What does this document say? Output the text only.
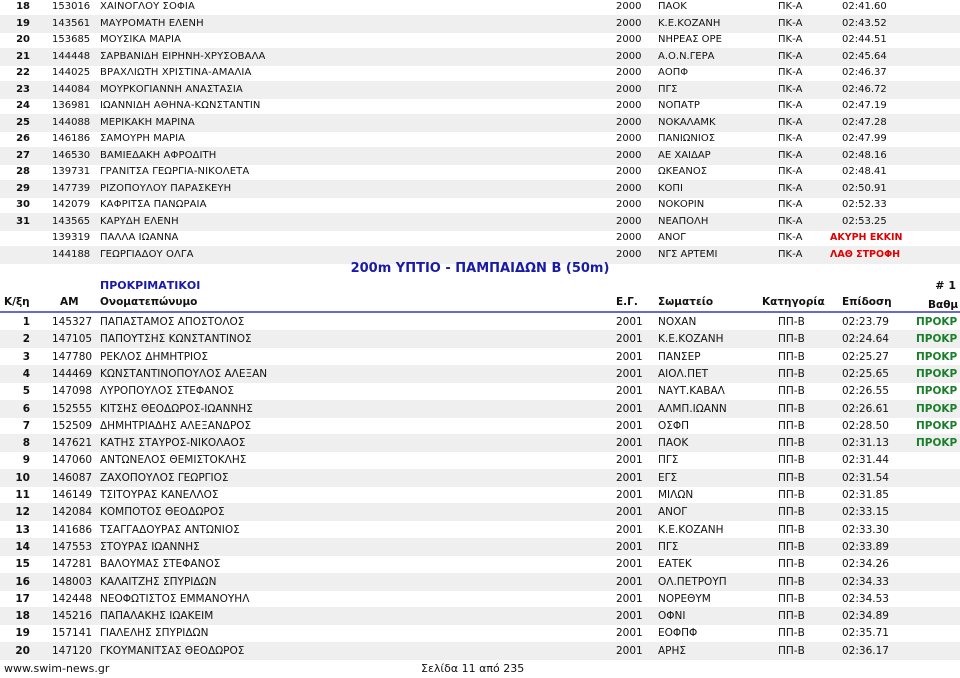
18 153016 ΧΑΙΝΟΓΛΟΥ ΣΟΦΙΑ	2000 ΠΑΟΚ	ΠΚ-Α	02:41.60
19 143561 ΜΑΥΡΟΜΑΤΗ ΕΛΕΝΗ	2000 Κ.Ε.ΚΟΖΑΝΗ	ΠΚ-Α	02:43.52
20 153685 ΜΟΥΣΙΚΑ ΜΑΡΙΑ	2000 ΝΗΡΕΑΣ ΟΡΕ	ΠΚ-Α	02:44.51
21 144448 ΣΑΡΒΑΝΙΔΗ ΕΙΡΗΝΗ-ΧΡΥΣΟΒΑΛΑ	2000 Α.Ο.Ν.ΓΕΡΑ	ΠΚ-Α	02:45.64
22 144025 ΒΡΑΧΛΙΩΤΗ ΧΡΙΣΤΙΝΑ-ΑΜΑΛΙΑ	2000 ΑΟΠΦ	ΠΚ-Α	02:46.37
23 144084 ΜΟΥΡΚΟΓΙΑΝΝΗ ΑΝΑΣΤΑΣΙΑ	2000 ΠΓΣ	ΠΚ-Α	02:46.72
24 136981 ΙΩΑΝΝΙΔΗ ΑΘΗΝΑ-ΚΩΝΣΤΑΝΤΙΝ	2000 ΝΟΠΑΤΡ	ΠΚ-Α	02:47.19
25 144088 ΜΕΡΙΚΑΚΗ ΜΑΡΙΝΑ	2000 ΝΟΚΑΛΑΜΚ	ΠΚ-Α	02:47.28
26 146186 ΣΑΜΟΥΡΗ ΜΑΡΙΑ	2000 ΠΑΝΙΩΝΙΟΣ	ΠΚ-Α	02:47.99
27 146530 ΒΑΜΙΕΔΑΚΗ ΑΦΡΟΔΙΤΗ	2000 ΑΕ ΧΑΙΔΑΡ	ΠΚ-Α	02:48.16
28 139731 ΓΡΑΝΙΤΣΑ ΓΕΩΡΓΙΑ-ΝΙΚΟΛΕΤΑ	2000 ΩΚΕΑΝΟΣ	ΠΚ-Α	02:48.41
29 147739 ΡΙΖΟΠΟΥΛΟΥ ΠΑΡΑΣΚΕΥΗ	2000 ΚΟΠΙ	ΠΚ-Α	02:50.91
30 142079 ΚΑΦΡΙΤΣΑ ΠΑΝΩΡΑΙΑ	2000 ΝΟΚΟΡΙΝ	ΠΚ-Α	02:52.33
31 143565 ΚΑΡΥΔΗ ΕΛΕΝΗ	2000 ΝΕΑΠΟΛΗ	ΠΚ-Α	02:53.25
139319 ΠΑΛΛΑ ΙΩΑΝΝΑ	2000 ΑΝΟΓ	ΠΚ-Α	ΑΚΥΡΗ ΕΚΚΙΝ
144188 ΓΕΩΡΓΙΑΔΟΥ ΟΛΓΑ	2000 ΝΓΣ ΑΡΤΕΜΙ	ΠΚ-Α	ΛΑΘ ΣΤΡΟΦΗ
200m ΥΠΤΙΟ - ΠΑΜΠΑΙΔΩΝ Β (50m)
ΠΡΟΚΡΙΜΑΤΙΚΟΙ	# 1
Κ/ξη	ΑΜ Ονοματεπώνυμο	Ε.Γ. Σωματείο	Κατηγορία Επίδοση	Βαθμ
1 145327 ΠΑΠΑΣΤΑΜΟΣ ΑΠΟΣΤΟΛΟΣ	2001 ΝΟΧΑΝ	ΠΠ-Β	02:23.79	ΠΡΟΚΡ
2 147105 ΠΑΠΟΥΤΣΗΣ ΚΩΝΣΤΑΝΤΙΝΟΣ	2001 Κ.Ε.ΚΟΖΑΝΗ	ΠΠ-Β	02:24.64	ΠΡΟΚΡ
3 147780 ΡΕΚΛΟΣ ΔΗΜΗΤΡΙΟΣ	2001 ΠΑΝΣΕΡ	ΠΠ-Β	02:25.27	ΠΡΟΚΡ
4 144469 ΚΩΝΣΤΑΝΤΙΝΟΠΟΥΛΟΣ ΑΛΕΞΑΝ	2001 ΑΙΟΛ.ΠΕΤ	ΠΠ-Β	02:25.65	ΠΡΟΚΡ
5 147098 ΛΥΡΟΠΟΥΛΟΣ ΣΤΕΦΑΝΟΣ	2001 ΝΑΥΤ.ΚΑΒΑΛ	ΠΠ-Β	02:26.55	ΠΡΟΚΡ
6 152555 ΚΙΤΣΗΣ ΘΕΟΔΩΡΟΣ-ΙΩΑΝΝΗΣ	2001 ΑΛΜΠ.ΙΩΑΝΝ	ΠΠ-Β	02:26.61	ΠΡΟΚΡ
7 152509 ΔΗΜΗΤΡΙΑΔΗΣ ΑΛΕΞΑΝΔΡΟΣ	2001 ΟΣΦΠ	ΠΠ-Β	02:28.50	ΠΡΟΚΡ
8 147621 ΚΑΤΗΣ ΣΤΑΥΡΟΣ-ΝΙΚΟΛΑΟΣ	2001 ΠΑΟΚ	ΠΠ-Β	02:31.13	ΠΡΟΚΡ
9 147060 ΑΝΤΩΝΕΛΟΣ ΘΕΜΙΣΤΟΚΛΗΣ	2001 ΠΓΣ	ΠΠ-Β	02:31.44
10 146087 ΖΑΧΟΠΟΥΛΟΣ ΓΕΩΡΓΙΟΣ	2001 ΕΓΣ	ΠΠ-Β	02:31.54
11 146149 ΤΣΙΤΟΥΡΑΣ ΚΑΝΕΛΛΟΣ	2001 ΜΙΛΩΝ	ΠΠ-Β	02:31.85
12 142084 ΚΟΜΠΟΤΟΣ ΘΕΟΔΩΡΟΣ	2001 ΑΝΟΓ	ΠΠ-Β	02:33.15
13 141686 ΤΣΑΓΓΑΔΟΥΡΑΣ ΑΝΤΩΝΙΟΣ	2001 Κ.Ε.ΚΟΖΑΝΗ	ΠΠ-Β	02:33.30
14 147553 ΣΤΟΥΡΑΣ ΙΩΑΝΝΗΣ	2001 ΠΓΣ	ΠΠ-Β	02:33.89
15 147281 ΒΑΛΟΥΜΑΣ ΣΤΕΦΑΝΟΣ	2001 ΕΑΤΕΚ	ΠΠ-Β	02:34.26
16 148003 ΚΑΛΑΙΤΖΗΣ ΣΠΥΡΙΔΩΝ	2001 ΟΛ.ΠΕΤΡΟΥΠ	ΠΠ-Β	02:34.33
17 142448 ΝΕΟΦΩΤΙΣΤΟΣ ΕΜΜΑΝΟΥΗΛ	2001 ΝΟΡΕΘΥΜ	ΠΠ-Β	02:34.53
18 145216 ΠΑΠΑΛΑΚΗΣ ΙΩΑΚΕΙΜ	2001 ΟΦΝΙ	ΠΠ-Β	02:34.89
19 157141 ΓΙΑΛΕΛΗΣ ΣΠΥΡΙΔΩΝ	2001 ΕΟΦΠΦ	ΠΠ-Β	02:35.71
20 147120 ΓΚΟΥΜΑΝΙΤΣΑΣ ΘΕΟΔΩΡΟΣ	2001 ΑΡΗΣ	ΠΠ-Β	02:36.17
www.swim-news.gr	Σελίδα 11 από 235
